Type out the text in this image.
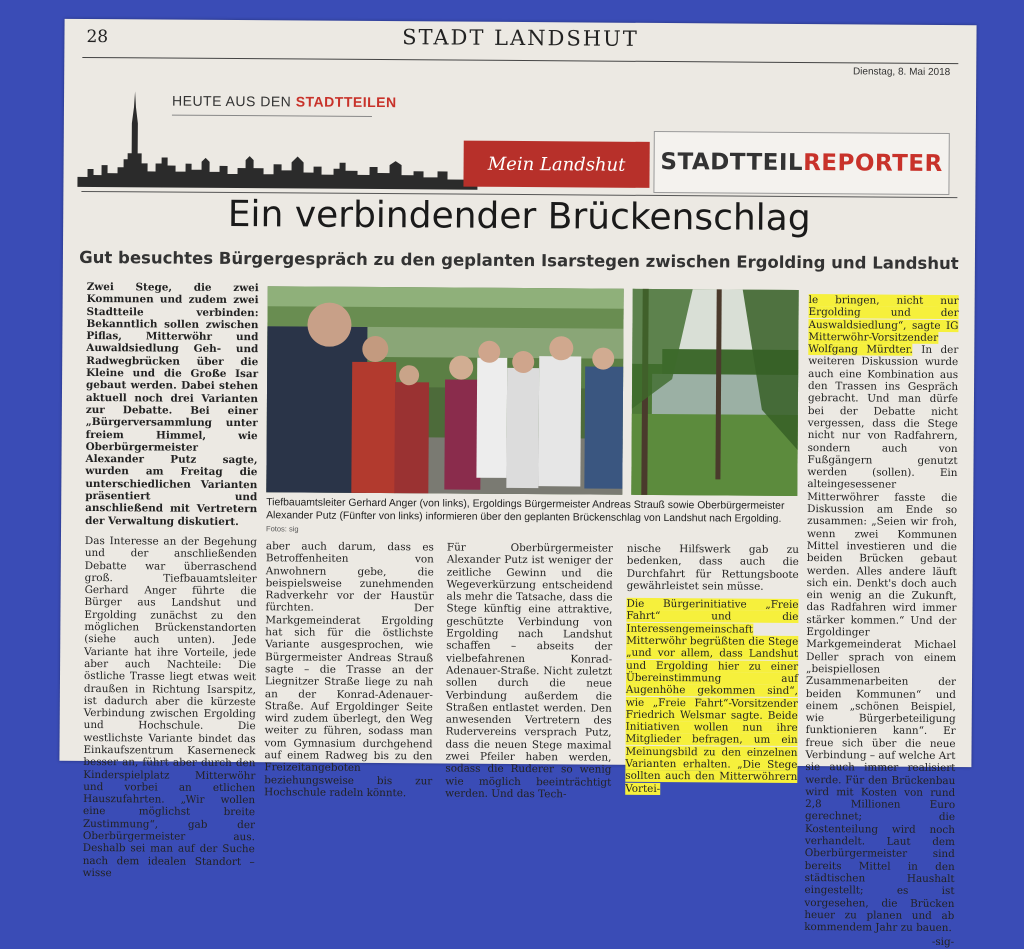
28	STADT LANDSHUT
Dienstag, 8. Mai 2018
HEUTE AUS DEN STADTTEILEN
Mein Landshut	STADTTEIL REPORTER
Ein verbindender Brückenschlag
Gut besuchtes Bürgergespräch zu den geplanten Isarstegen zwischen Ergolding und Landshut

Zwei Stege, die zwei Kommunen und zudem zwei Stadtteile verbinden: Bekanntlich sollen zwischen Piflas, Mitterwöhr und Auwaldsiedlung Geh- und Radwegbrücken über die Kleine und die Große Isar gebaut werden. Dabei stehen aktuell noch drei Varianten zur Debatte. Bei einer „Bürgerversammlung unter freiem Himmel, wie Oberbürgermeister Alexander Putz sagte, wurden am Freitag die unterschiedlichen Varianten präsentiert und anschließend mit Vertretern der Verwaltung diskutiert.

Das Interesse an der Begehung und der anschließenden Debatte war überraschend groß. Tiefbauamtsleiter Gerhard Anger führte die Bürger aus Landshut und Ergolding zunächst zu den möglichen Brückenstandorten (siehe auch unten). Jede Variante hat ihre Vorteile, jede aber auch Nachteile: Die östliche Trasse liegt etwas weit draußen in Richtung Isarspitz, ist dadurch aber die kürzeste Verbindung zwischen Ergolding und Hochschule. Die westlichste Variante bindet das Einkaufszentrum Kaserneneck besser an, führt aber durch den Kinderspielplatz Mitterwöhr und vorbei an etlichen Hauszufahrten. „Wir wollen eine möglichst breite Zustimmung“, gab der Oberbürgermeister aus. Deshalb sei man auf der Suche nach dem idealen Standort – wisse

Tiefbauamtsleiter Gerhard Anger (von links), Ergoldings Bürgermeister Andreas Strauß sowie Oberbürgermeister Alexander Putz (Fünfter von links) informieren über den geplanten Brückenschlag von Landshut nach Ergolding. Fotos: sig

aber auch darum, dass es Betroffenheiten von Anwohnern gebe, die beispielsweise zunehmenden Radverkehr vor der Haustür fürchten. Der Markgemeinderat Ergolding hat sich für die östlichste Variante ausgesprochen, wie Bürgermeister Andreas Strauß sagte – die Trasse an der Liegnitzer Straße liege zu nah an der Konrad-Adenauer-Straße. Auf Ergoldinger Seite wird zudem überlegt, den Weg weiter zu führen, sodass man vom Gymnasium durchgehend auf einem Radweg bis zu den Freizeitangeboten beziehungsweise bis zur Hochschule radeln könnte.

Für Oberbürgermeister Alexander Putz ist weniger der zeitliche Gewinn und die Wegeverkürzung entscheidend als mehr die Tatsache, dass die Stege künftig eine attraktive, geschützte Verbindung von Ergolding nach Landshut schaffen – abseits der vielbefahrenen Konrad-Adenauer-Straße. Nicht zuletzt sollen durch die neue Verbindung außerdem die Straßen entlastet werden. Den anwesenden Vertretern des Rudervereins versprach Putz, dass die neuen Stege maximal zwei Pfeiler haben werden, sodass die Ruderer so wenig wie möglich beeinträchtigt werden. Und das Tech-

nische Hilfswerk gab zu bedenken, dass auch die Durchfahrt für Rettungsboote gewährleistet sein müsse.

Die Bürgerinitiative „Freie Fahrt“ und die Interessengemeinschaft Mitterwöhr begrüßten die Stege „und vor allem, dass Landshut und Ergolding hier zu einer Übereinstimmung auf Augenhöhe gekommen sind“, wie „Freie Fahrt“-Vorsitzender Friedrich Welsmar sagte. Beide Initiativen wollen nun ihre Mitglieder befragen, um ein Meinungsbild zu den einzelnen Varianten erhalten. „Die Stege sollten auch den Mitterwöhrern Vortei-

le bringen, nicht nur Ergolding und der Auswaldsiedlung“, sagte IG Mitterwöhr-Vorsitzender Wolfgang Mürdter. In der weiteren Diskussion wurde auch eine Kombination aus den Trassen ins Gespräch gebracht. Und man dürfe bei der Debatte nicht vergessen, dass die Stege nicht nur von Radfahrern, sondern auch von Fußgängern genutzt werden (sollen). Ein alteingesessener Mitterwöhrer fasste die Diskussion am Ende so zusammen: „Seien wir froh, wenn zwei Kommunen Mittel investieren und die beiden Brücken gebaut werden. Alles andere läuft sich ein. Denkt's doch auch ein wenig an die Zukunft, das Radfahren wird immer stärker kommen.“ Und der Ergoldinger Markgemeinderat Michael Deller sprach von einem „beispiellosen Zusammenarbeiten der beiden Kommunen“ und einem „schönen Beispiel, wie Bürgerbeteiligung funktionieren kann“. Er freue sich über die neue Verbindung – auf welche Art sie auch immer realisiert werde. Für den Brückenbau wird mit Kosten von rund 2,8 Millionen Euro gerechnet; die Kostenteilung wird noch verhandelt. Laut dem Oberbürgermeister sind bereits Mittel in den städtischen Haushalt eingestellt; es ist vorgesehen, die Brücken heuer zu planen und ab kommendem Jahr zu bauen.

-sig-
